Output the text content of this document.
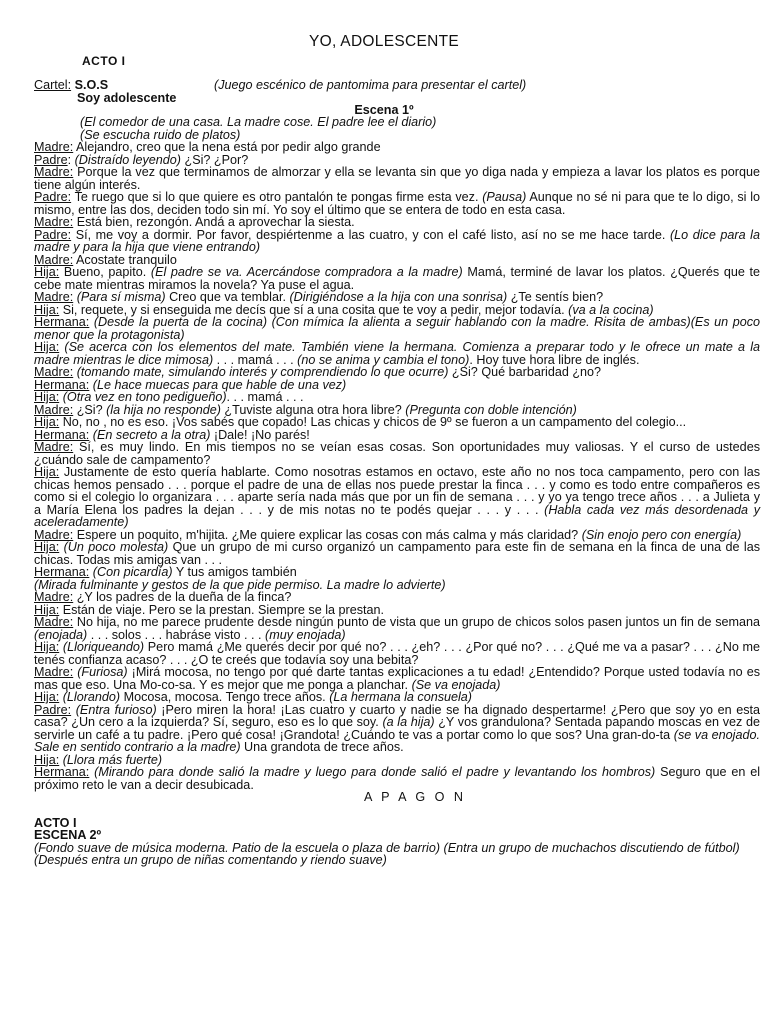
YO, ADOLESCENTE
ACTO I
Cartel: S.O.S	(Juego escénico de pantomima para presentar el cartel)
Soy adolescente
Escena 1º
(El comedor de una casa. La madre cose. El padre lee el diario)
(Se escucha ruido de platos)
Madre: Alejandro, creo que la nena está por pedir algo grande
Padre: (Distraído leyendo) ¿Si? ¿Por?
Madre: Porque la vez que terminamos de almorzar y ella se levanta sin que yo diga nada y empieza a lavar los platos es porque tiene algún interés.
Padre: Te ruego que si lo que quiere es otro pantalón te pongas firme esta vez. (Pausa) Aunque no sé ni para que te lo digo, si lo mismo, entre las dos, deciden todo sin mí. Yo soy el último que se entera de todo en esta casa.
Madre: Está bien, rezongón. Andá a aprovechar la siesta.
Padre: Sí, me voy a dormir. Por favor, despiértenme a las cuatro, y con el café listo, así no se me hace tarde. (Lo dice para la madre y para la hija que viene entrando)
Madre: Acostate tranquilo
Hija: Bueno, papito. (El padre se va. Acercándose compradora a la madre) Mamá, terminé de lavar los platos. ¿Querés que te cebe mate mientras miramos la novela? Ya puse el agua.
Madre: (Para sí misma) Creo que va temblar. (Dirigiéndose a la hija con una sonrisa) ¿Te sentís bien?
Hija: Si, requete, y si enseguida me decís que sí a una cosita que te voy a pedir, mejor todavía. (va a la cocina)
Hermana: (Desde la puerta de la cocina) (Con mímica la alienta a seguir hablando con la madre. Risita de ambas)(Es un poco menor que la protagonista)
Hija: (Se acerca con los elementos del mate. También viene la hermana. Comienza a preparar todo y le ofrece un mate a la madre mientras le dice mimosa) . . . mamá . . . (no se anima y cambia el tono). Hoy tuve hora libre de inglés.
Madre: (tomando mate, simulando interés y comprendiendo lo que ocurre) ¿Si? Qué barbaridad ¿no?
Hermana: (Le hace muecas para que hable de una vez)
Hija: (Otra vez en tono pedigueño). . . mamá . . .
Madre: ¿Si? (la hija no responde) ¿Tuviste alguna otra hora libre? (Pregunta con doble intención)
Hija: No, no , no es eso. ¡Vos sabés que copado! Las chicas y chicos de 9º se fueron a un campamento del colegio...
Hermana: (En secreto a la otra) ¡Dale! ¡No parés!
Madre: Sí, es muy lindo. En mis tiempos no se veían esas cosas. Son oportunidades muy valiosas. Y el curso de ustedes ¿cuándo sale de campamento?
Hija: Justamente de esto quería hablarte. Como nosotras estamos en octavo, este año no nos toca campamento, pero con las chicas hemos pensado . . . porque el padre de una de ellas nos puede prestar la finca . . . y como es todo entre compañeros es como si el colegio lo organizara . . . aparte sería nada más que por un fin de semana . . . y yo ya tengo trece años . . . a Julieta y a María Elena los padres la dejan . . . y de mis notas no te podés quejar . . . y . . . (Habla cada vez más desordenada y aceleradamente)
Madre: Espere un poquito, m'hijita. ¿Me quiere explicar las cosas con más calma y más claridad? (Sin enojo pero con energía)
Hija: (Un poco molesta) Que un grupo de mi curso organizó un campamento para este fin de semana en la finca de una de las chicas. Todas mis amigas van . . .
Hermana: (Con picardía) Y tus amigos también
(Mirada fulminante y gestos de la que pide permiso. La madre lo advierte)
Madre: ¿Y los padres de la dueña de la finca?
Hija: Están de viaje. Pero se la prestan. Siempre se la prestan.
Madre: No hija, no me parece prudente desde ningún punto de vista que un grupo de chicos solos pasen juntos un fin de semana (enojada) . . . solos . . . habráse visto . . . (muy enojada)
Hija: (Lloriqueando) Pero mamá ¿Me querés decir por qué no? . . . ¿eh? . . . ¿Por qué no? . . . ¿Qué me va a pasar? . . . ¿No me tenés confianza acaso? . . . ¿O te creés que todavía soy una bebita?
Madre: (Furiosa) ¡Mirá mocosa, no tengo por qué darte tantas explicaciones a tu edad! ¿Entendido? Porque usted todavía no es mas que eso. Una Mo-co-sa. Y es mejor que me ponga a planchar. (Se va enojada)
Hija: (Llorando) Mocosa, mocosa. Tengo trece años. (La hermana la consuela)
Padre: (Entra furioso) ¡Pero miren la hora! ¡Las cuatro y cuarto y nadie se ha dignado despertarme! ¿Pero que soy yo en esta casa? ¿Un cero a la izquierda? Sí, seguro, eso es lo que soy. (a la hija) ¿Y vos grandulona? Sentada papando moscas en vez de servirle un café a tu padre. ¡Pero qué cosa! ¡Grandota! ¿Cuándo te vas a portar como lo que sos? Una gran-do-ta (se va enojado. Sale en sentido contrario a la madre) Una grandota de trece años.
Hija: (Llora más fuerte)
Hermana: (Mirando para donde salió la madre y luego para donde salió el padre y levantando los hombros) Seguro que en el próximo reto le van a decir desubicada.
A P A G O N
ACTO I
ESCENA 2º
(Fondo suave de música moderna. Patio de la escuela o plaza de barrio) (Entra un grupo de muchachos discutiendo de fútbol)
(Después entra un grupo de niñas comentando y riendo suave)
